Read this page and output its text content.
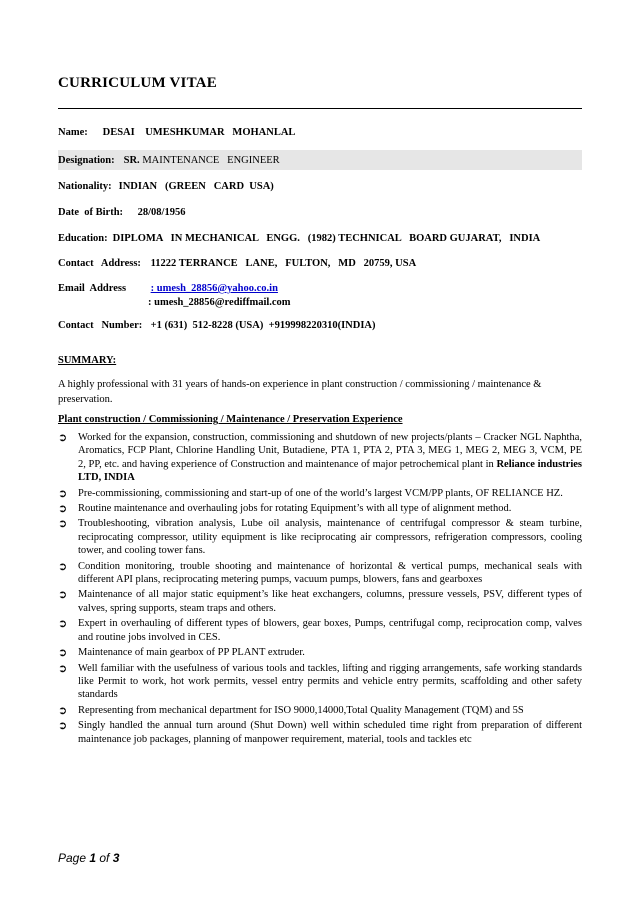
CURRICULUM VITAE
Name: DESAI    UMESHKUMAR   MOHANLAL
Designation: SR. MAINTENANCE   ENGINEER
Nationality: INDIAN   (GREEN   CARD  USA)
Date  of Birth: 28/08/1956
Education: DIPLOMA   IN MECHANICAL   ENGG.   (1982) TECHNICAL   BOARD GUJARAT,   INDIA
Contact   Address: 11222 TERRANCE   LANE,   FULTON,   MD   20759, USA
Email  Address : umesh_28856@yahoo.co.in
: umesh_28856@rediffmail.com
Contact   Number: +1 (631)  512-8228 (USA)  +919998220310(INDIA)
SUMMARY:
A highly professional with 31 years of hands-on experience in plant construction / commissioning / maintenance & preservation.
Plant construction / Commissioning / Maintenance / Preservation Experience
➲ Worked for the expansion, construction, commissioning and shutdown of new projects/plants – Cracker NGL Naphtha, Aromatics, FCP Plant, Chlorine Handling Unit, Butadiene, PTA 1, PTA 2, PTA 3, MEG 1, MEG 2, MEG 3, VCM, PE 2, PP, etc. and having experience of Construction and maintenance of major petrochemical plant in Reliance industries LTD, INDIA
➲ Pre-commissioning, commissioning and start-up of one of the world’s largest VCM/PP plants, OF RELIANCE HZ.
➲ Routine maintenance and overhauling jobs for rotating Equipment’s with all type of alignment method.
➲ Troubleshooting, vibration analysis, Lube oil analysis, maintenance of centrifugal compressor & steam turbine, reciprocating compressor, utility equipment is like reciprocating air compressors, refrigeration compressors, cooling tower, and cooling tower fans.
➲ Condition monitoring, trouble shooting and maintenance of horizontal & vertical pumps, mechanical seals with different API plans, reciprocating metering pumps, vacuum pumps, blowers, fans and gearboxes
➲ Maintenance of all major static equipment’s like heat exchangers, columns, pressure vessels, PSV, different types of valves, spring supports, steam traps and others.
➲ Expert in overhauling of different types of blowers, gear boxes, Pumps, centrifugal comp, reciprocation comp, valves and routine jobs involved in CES.
➲ Maintenance of main gearbox of PP PLANT extruder.
➲ Well familiar with the usefulness of various tools and tackles, lifting and rigging arrangements, safe working standards like Permit to work, hot work permits, vessel entry permits and vehicle entry permits, scaffolding and other safety standards
➲ Representing from mechanical department for ISO 9000,14000,Total Quality Management (TQM) and 5S
➲ Singly handled the annual turn around (Shut Down) well within scheduled time right from preparation of different maintenance job packages, planning of manpower requirement, material, tools and tackles etc
Page 1 of 3
